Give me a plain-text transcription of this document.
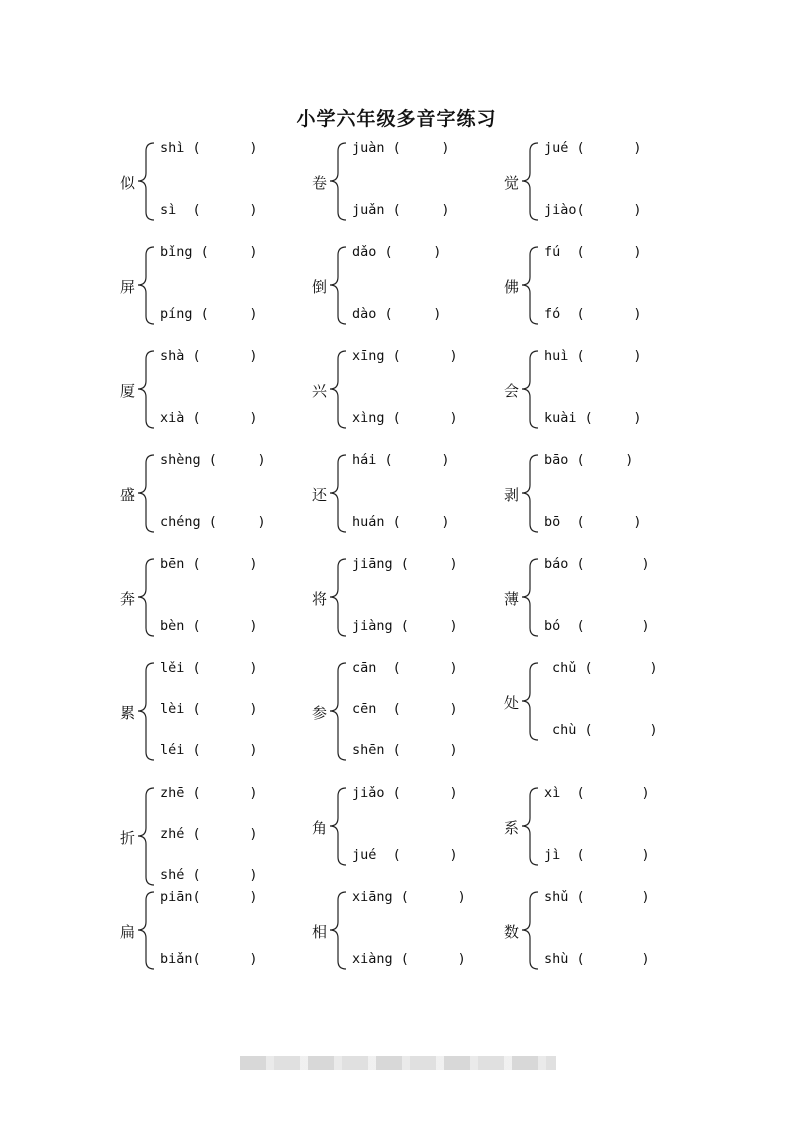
小学六年级多音字练习
似
shì (      )
sì  (      )
卷
juàn (     )
juǎn (     )
觉
jué (      )
jiào(      )
屏
bǐng (     )
píng (     )
倒
dǎo (     )
dào (     )
佛
fú  (      )
fó  (      )
厦
shà (      )
xià (      )
兴
xīng (      )
xìng (      )
会
huì (      )
kuài (     )
盛
shèng (     )
chéng (     )
还
hái (      )
huán (     )
剥
bāo (     )
bō  (      )
奔
bēn (      )
bèn (      )
将
jiāng (     )
jiàng (     )
薄
báo (       )
bó  (       )
累
lěi (      )
lèi (      )
léi (      )
参
cān  (      )
cēn  (      )
shēn (      )
处
chǔ (       )
chù (       )
折
zhē (      )
zhé (      )
shé (      )
角
jiǎo (      )
jué  (      )
系
xì  (       )
jì  (       )
扁
piān(      )
biǎn(      )
相
xiāng (      )
xiàng (      )
数
shǔ (       )
shù (       )
